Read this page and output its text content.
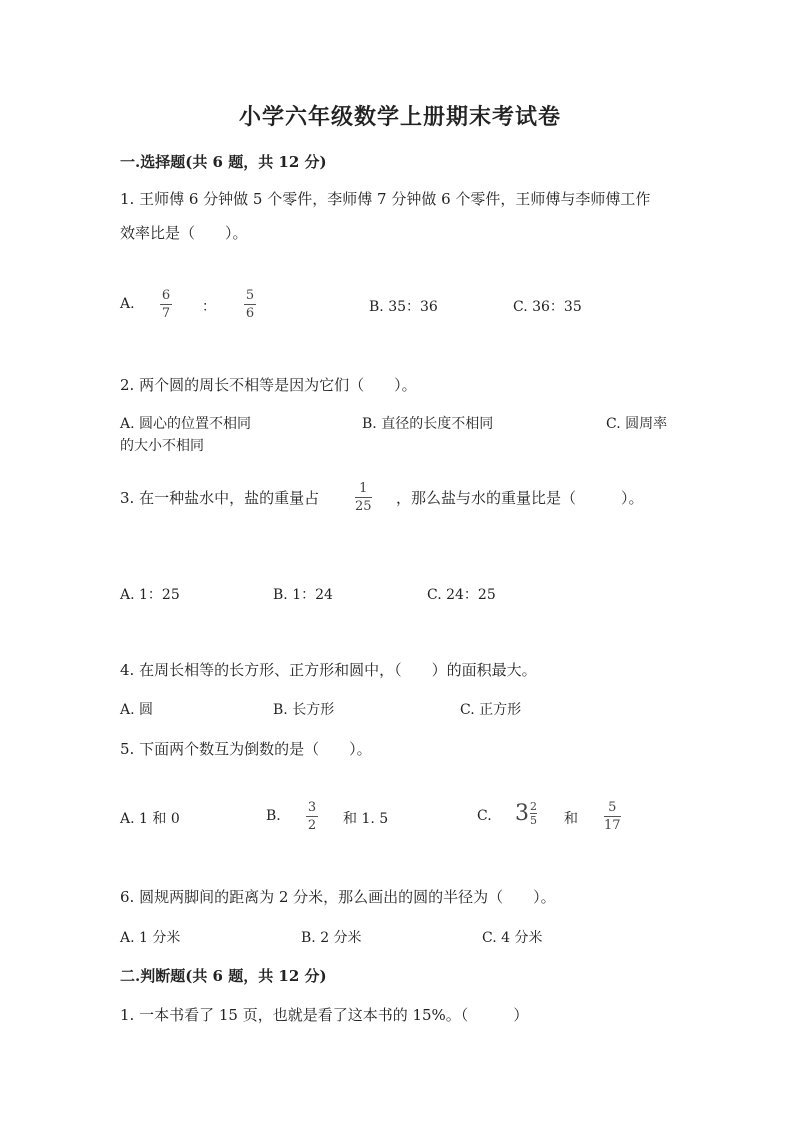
小学六年级数学上册期末考试卷
一.选择题(共 6 题，共 12 分)
1. 王师傅 6 分钟做 5 个零件，李师傅 7 分钟做 6 个零件，王师傅与李师傅工作
效率比是（　　）。
A. $\frac{6}{7}$ ： $\frac{5}{6}$	B. 35：36	C. 36：35
2. 两个圆的周长不相等是因为它们（　　）。
A. 圆心的位置不相同	B. 直径的长度不相同	C. 圆周率
的大小不相同
3. 在一种盐水中，盐的重量占	$\frac{1}{25}$ ，那么盐与水的重量比是（　　　）。
A. 1：25	B. 1：24	C. 24：25
4. 在周长相等的长方形、正方形和圆中，（　　）的面积最大。
A. 圆	B. 长方形	C. 正方形
5. 下面两个数互为倒数的是（　　）。
A. 1 和 0	B. $\frac{3}{2}$ 和 1. 5	C. $3 \frac{2}{5}$ 和 $\frac{5}{17}$
6. 圆规两脚间的距离为 2 分米，那么画出的圆的半径为（　　）。
A. 1 分米	B. 2 分米	C. 4 分米
二.判断题(共 6 题，共 12 分)
1. 一本书看了 15 页，也就是看了这本书的 15%。（　　　）
